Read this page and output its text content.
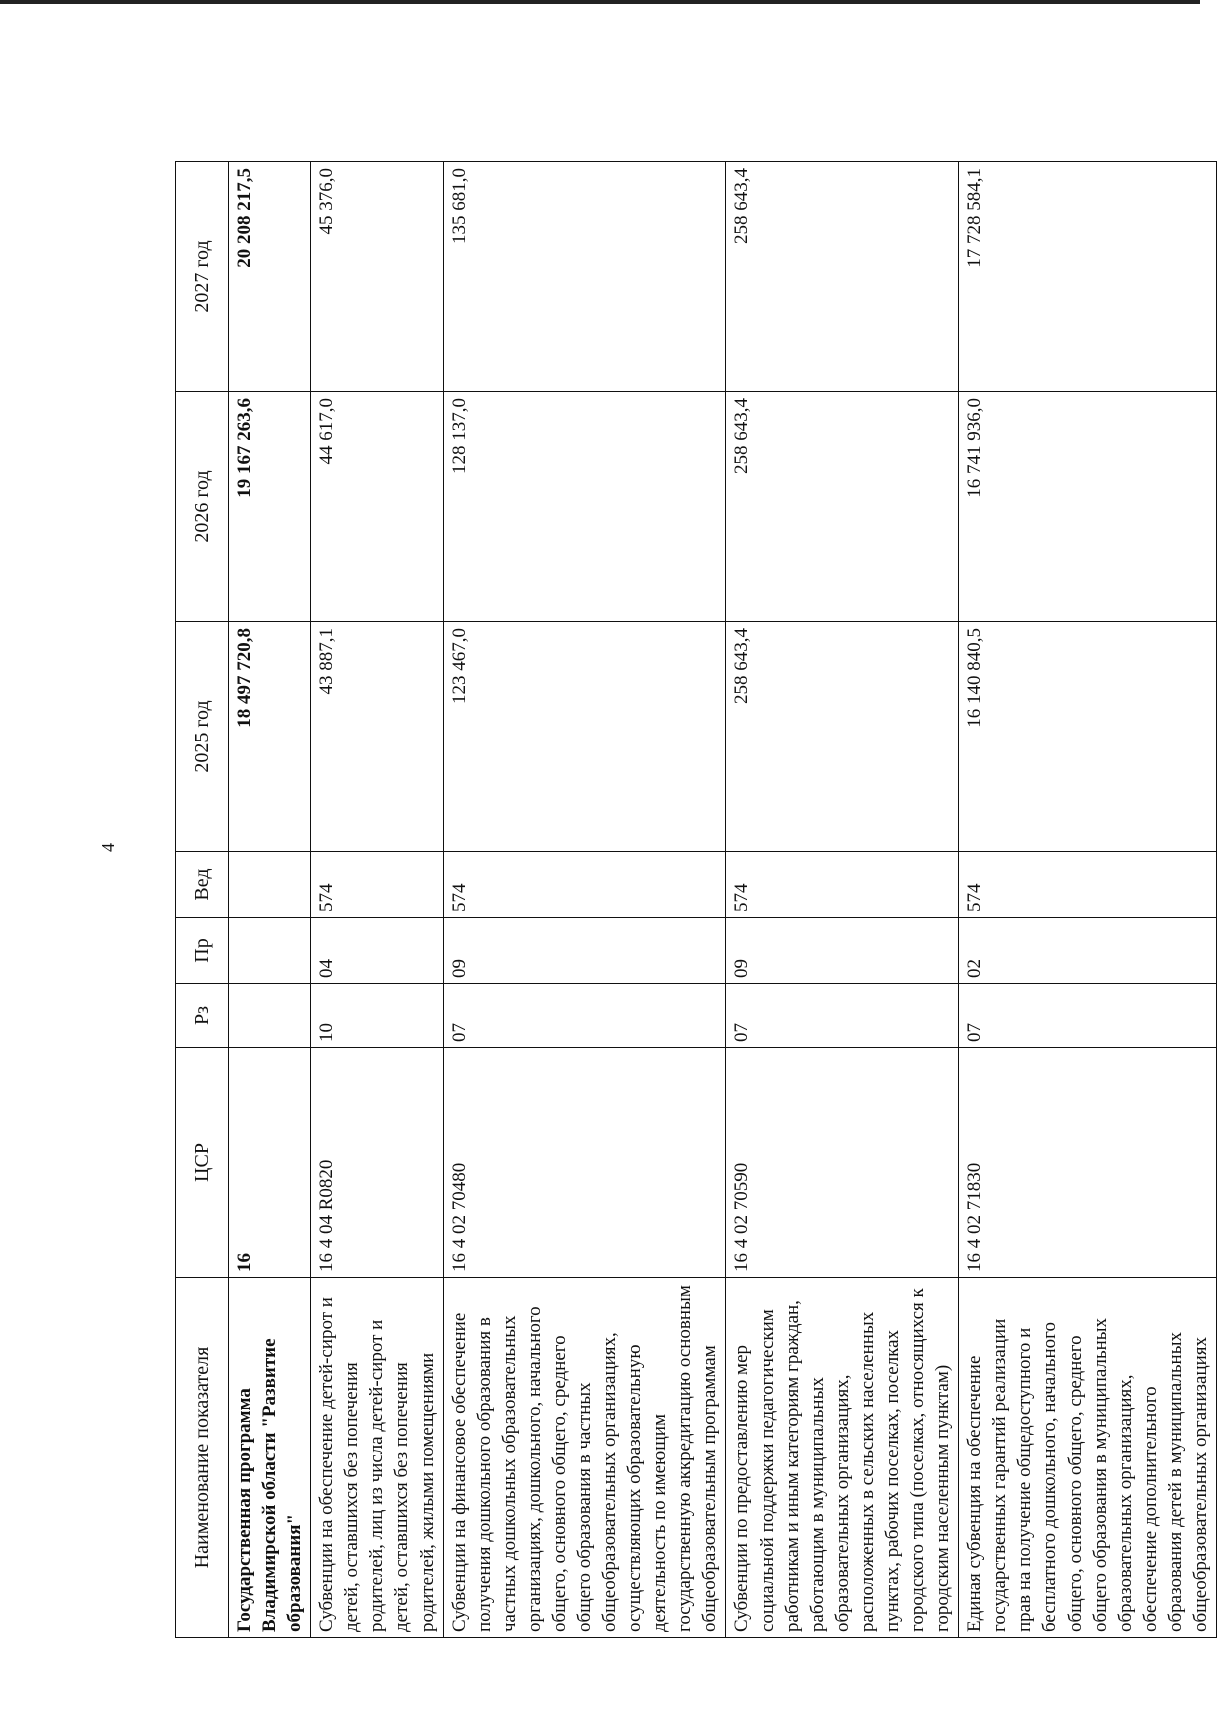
4
Наименование показателя	ЦСР	Рз	Пр	Вед	2025 год	2026 год	2027 год
Государственная программа Владимирской области "Развитие образования"	16				18 497 720,8	19 167 263,6	20 208 217,5
Субвенции на обеспечение детей-сирот и детей, оставшихся без попечения родителей, лиц из числа детей-сирот и детей, оставшихся без попечения родителей, жилыми помещениями	16 4 04 R0820	10	04	574	43 887,1	44 617,0	45 376,0
Субвенции на финансовое обеспечение получения дошкольного образования в частных дошкольных образовательных организациях, дошкольного, начального общего, основного общего, среднего общего образования в частных общеобразовательных организациях, осуществляющих образовательную деятельность по имеющим государственную аккредитацию основным общеобразовательным программам	16 4 02 70480	07	09	574	123 467,0	128 137,0	135 681,0
Субвенции по предоставлению мер социальной поддержки педагогическим работникам и иным категориям граждан, работающим в муниципальных образовательных организациях, расположенных в сельских населенных пунктах, рабочих поселках, поселках городского типа (поселках, относящихся к городским населенным пунктам)	16 4 02 70590	07	09	574	258 643,4	258 643,4	258 643,4
Единая субвенция на обеспечение государственных гарантий реализации прав на получение общедоступного и бесплатного дошкольного, начального общего, основного общего, среднего общего образования в муниципальных образовательных организациях, обеспечение дополнительного образования детей в муниципальных общеобразовательных организациях	16 4 02 71830	07	02	574	16 140 840,5	16 741 936,0	17 728 584,1
